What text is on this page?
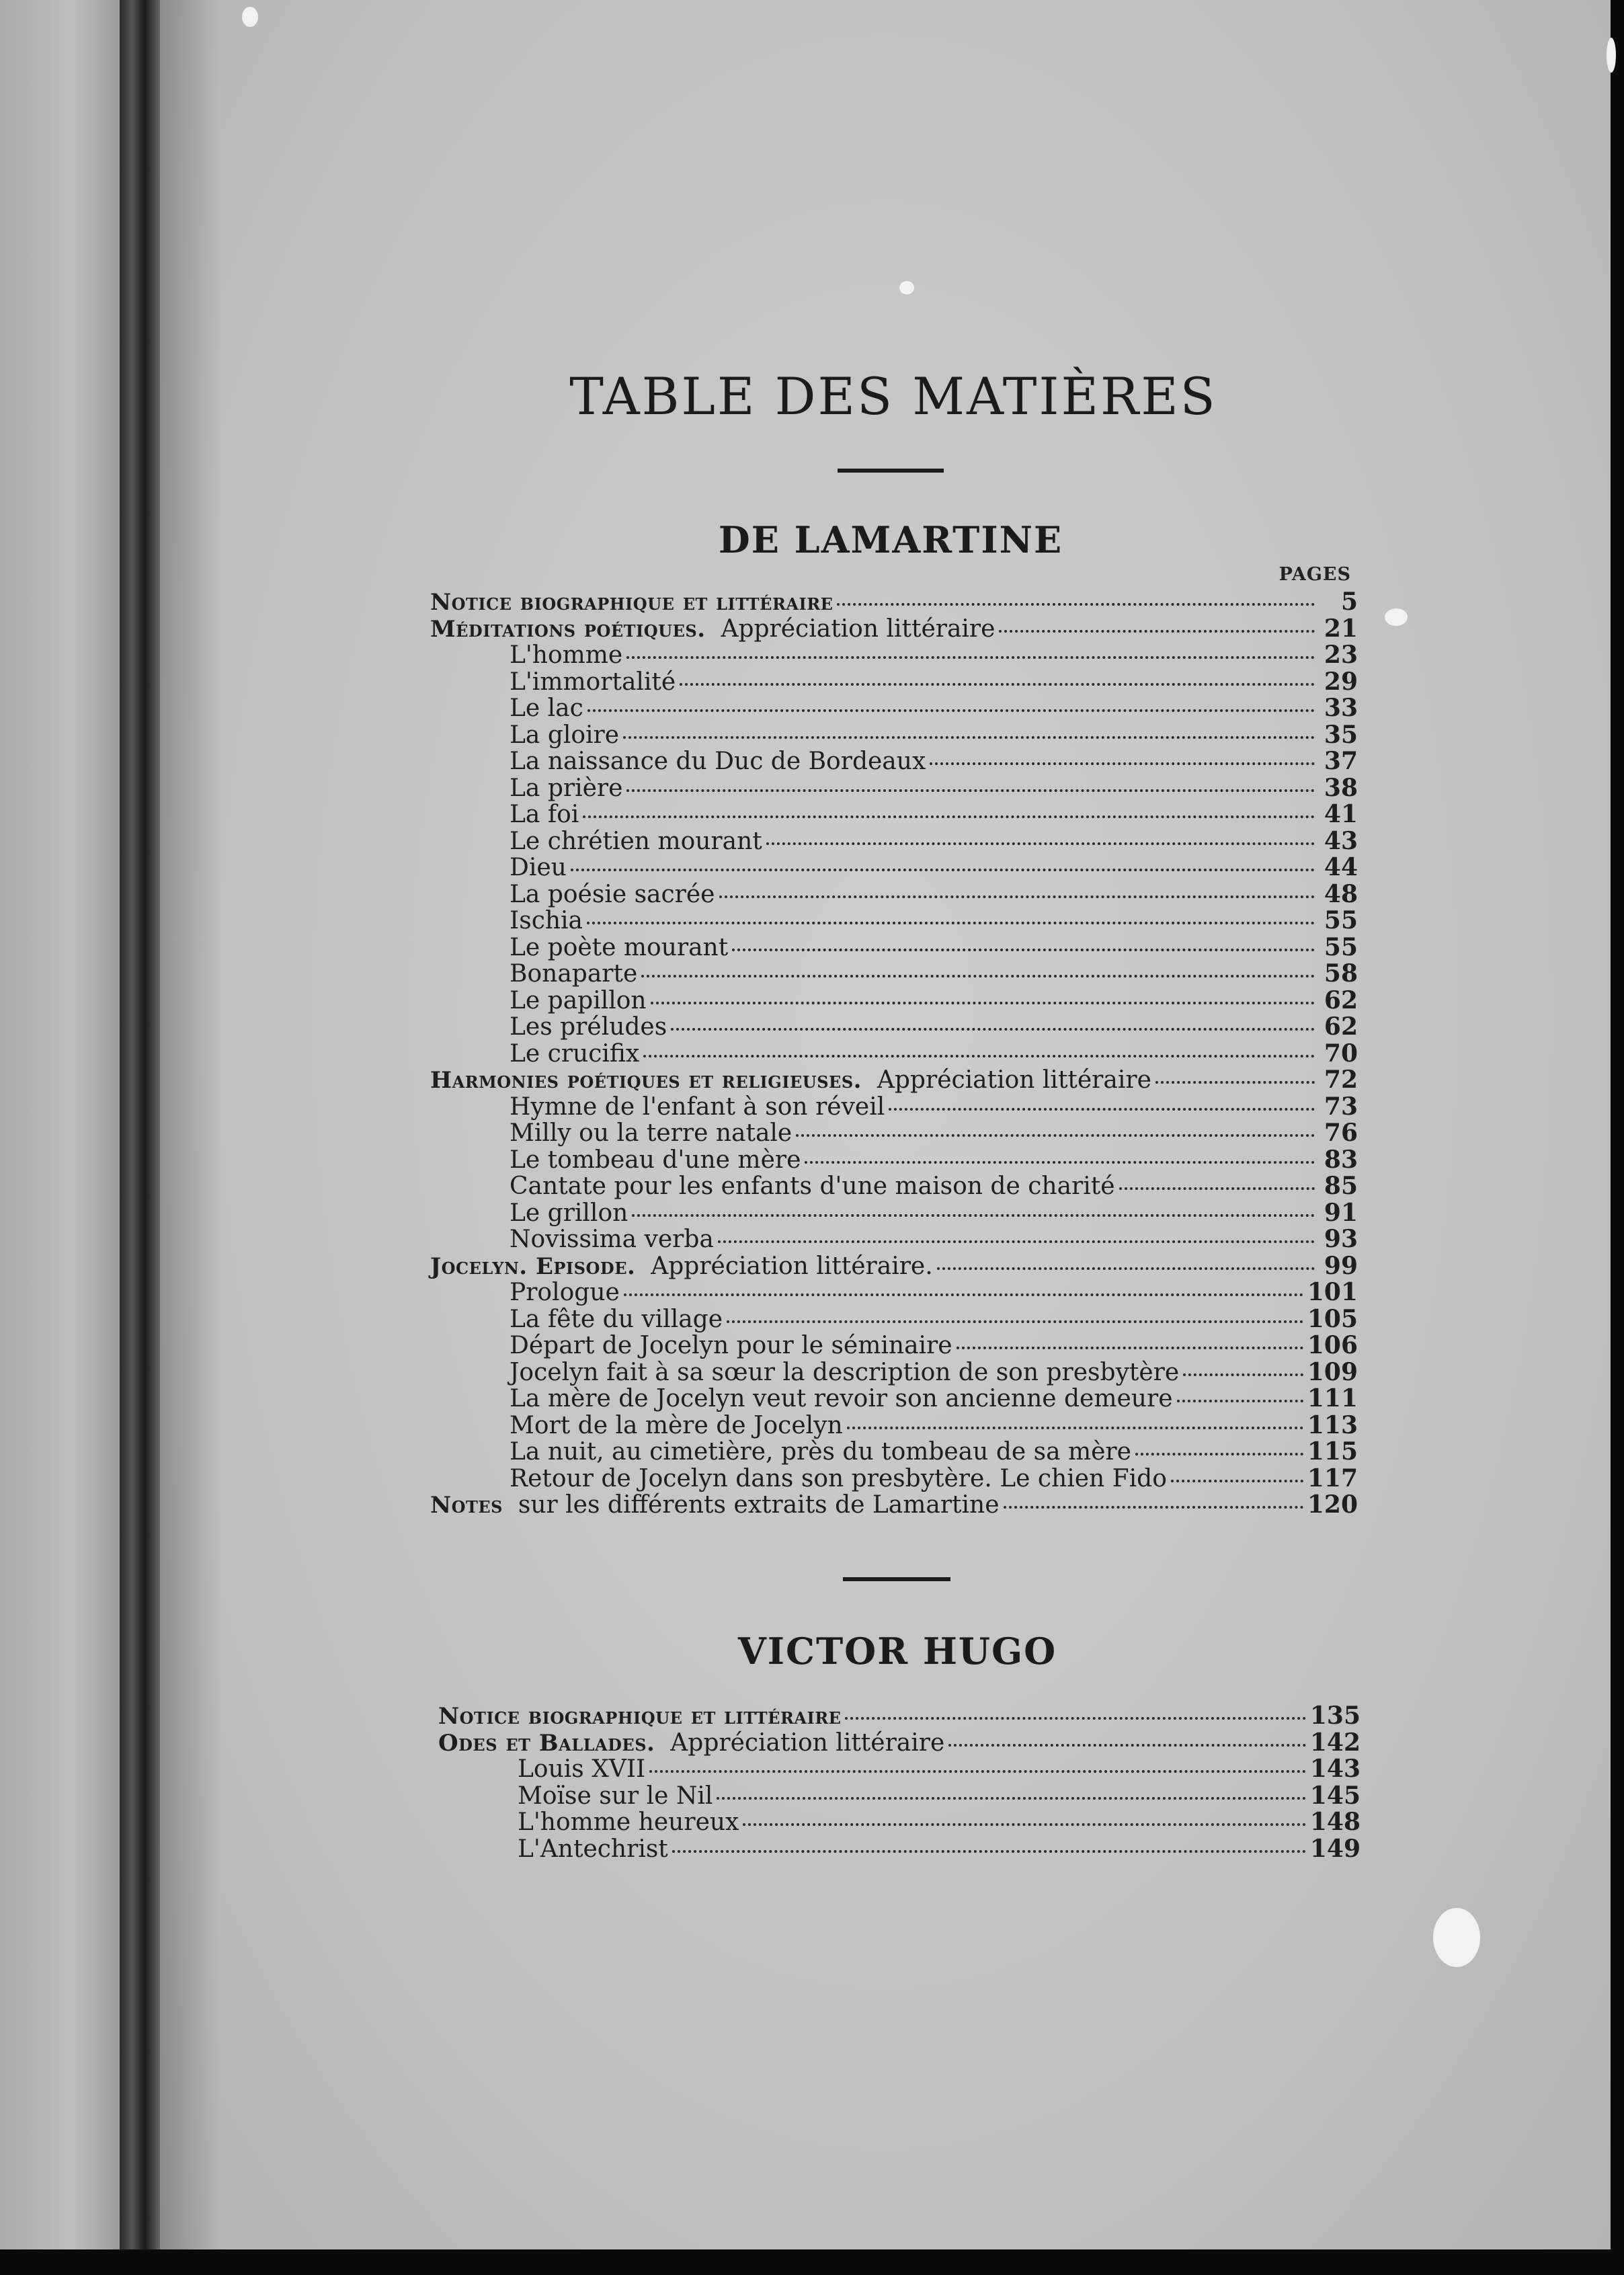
TABLE DES MATIÈRES
DE LAMARTINE
PAGES
Notice biographique et littéraire	5
Méditations poétiques. Appréciation littéraire	21
L'homme	23
L'immortalité	29
Le lac	33
La gloire	35
La naissance du Duc de Bordeaux	37
La prière	38
La foi	41
Le chrétien mourant	43
Dieu	44
La poésie sacrée	48
Ischia	55
Le poète mourant	55
Bonaparte	58
Le papillon	62
Les préludes	62
Le crucifix	70
Harmonies poétiques et religieuses. Appréciation littéraire	72
Hymne de l'enfant à son réveil	73
Milly ou la terre natale	76
Le tombeau d'une mère	83
Cantate pour les enfants d'une maison de charité	85
Le grillon	91
Novissima verba	93
Jocelyn. Episode. Appréciation littéraire.	99
Prologue	101
La fête du village	105
Départ de Jocelyn pour le séminaire	106
Jocelyn fait à sa sœur la description de son presbytère	109
La mère de Jocelyn veut revoir son ancienne demeure	111
Mort de la mère de Jocelyn	113
La nuit, au cimetière, près du tombeau de sa mère	115
Retour de Jocelyn dans son presbytère. Le chien Fido	117
Notes sur les différents extraits de Lamartine	120
VICTOR HUGO
Notice biographique et littéraire	135
Odes et Ballades. Appréciation littéraire	142
Louis XVII	143
Moïse sur le Nil	145
L'homme heureux	148
L'Antechrist	149
